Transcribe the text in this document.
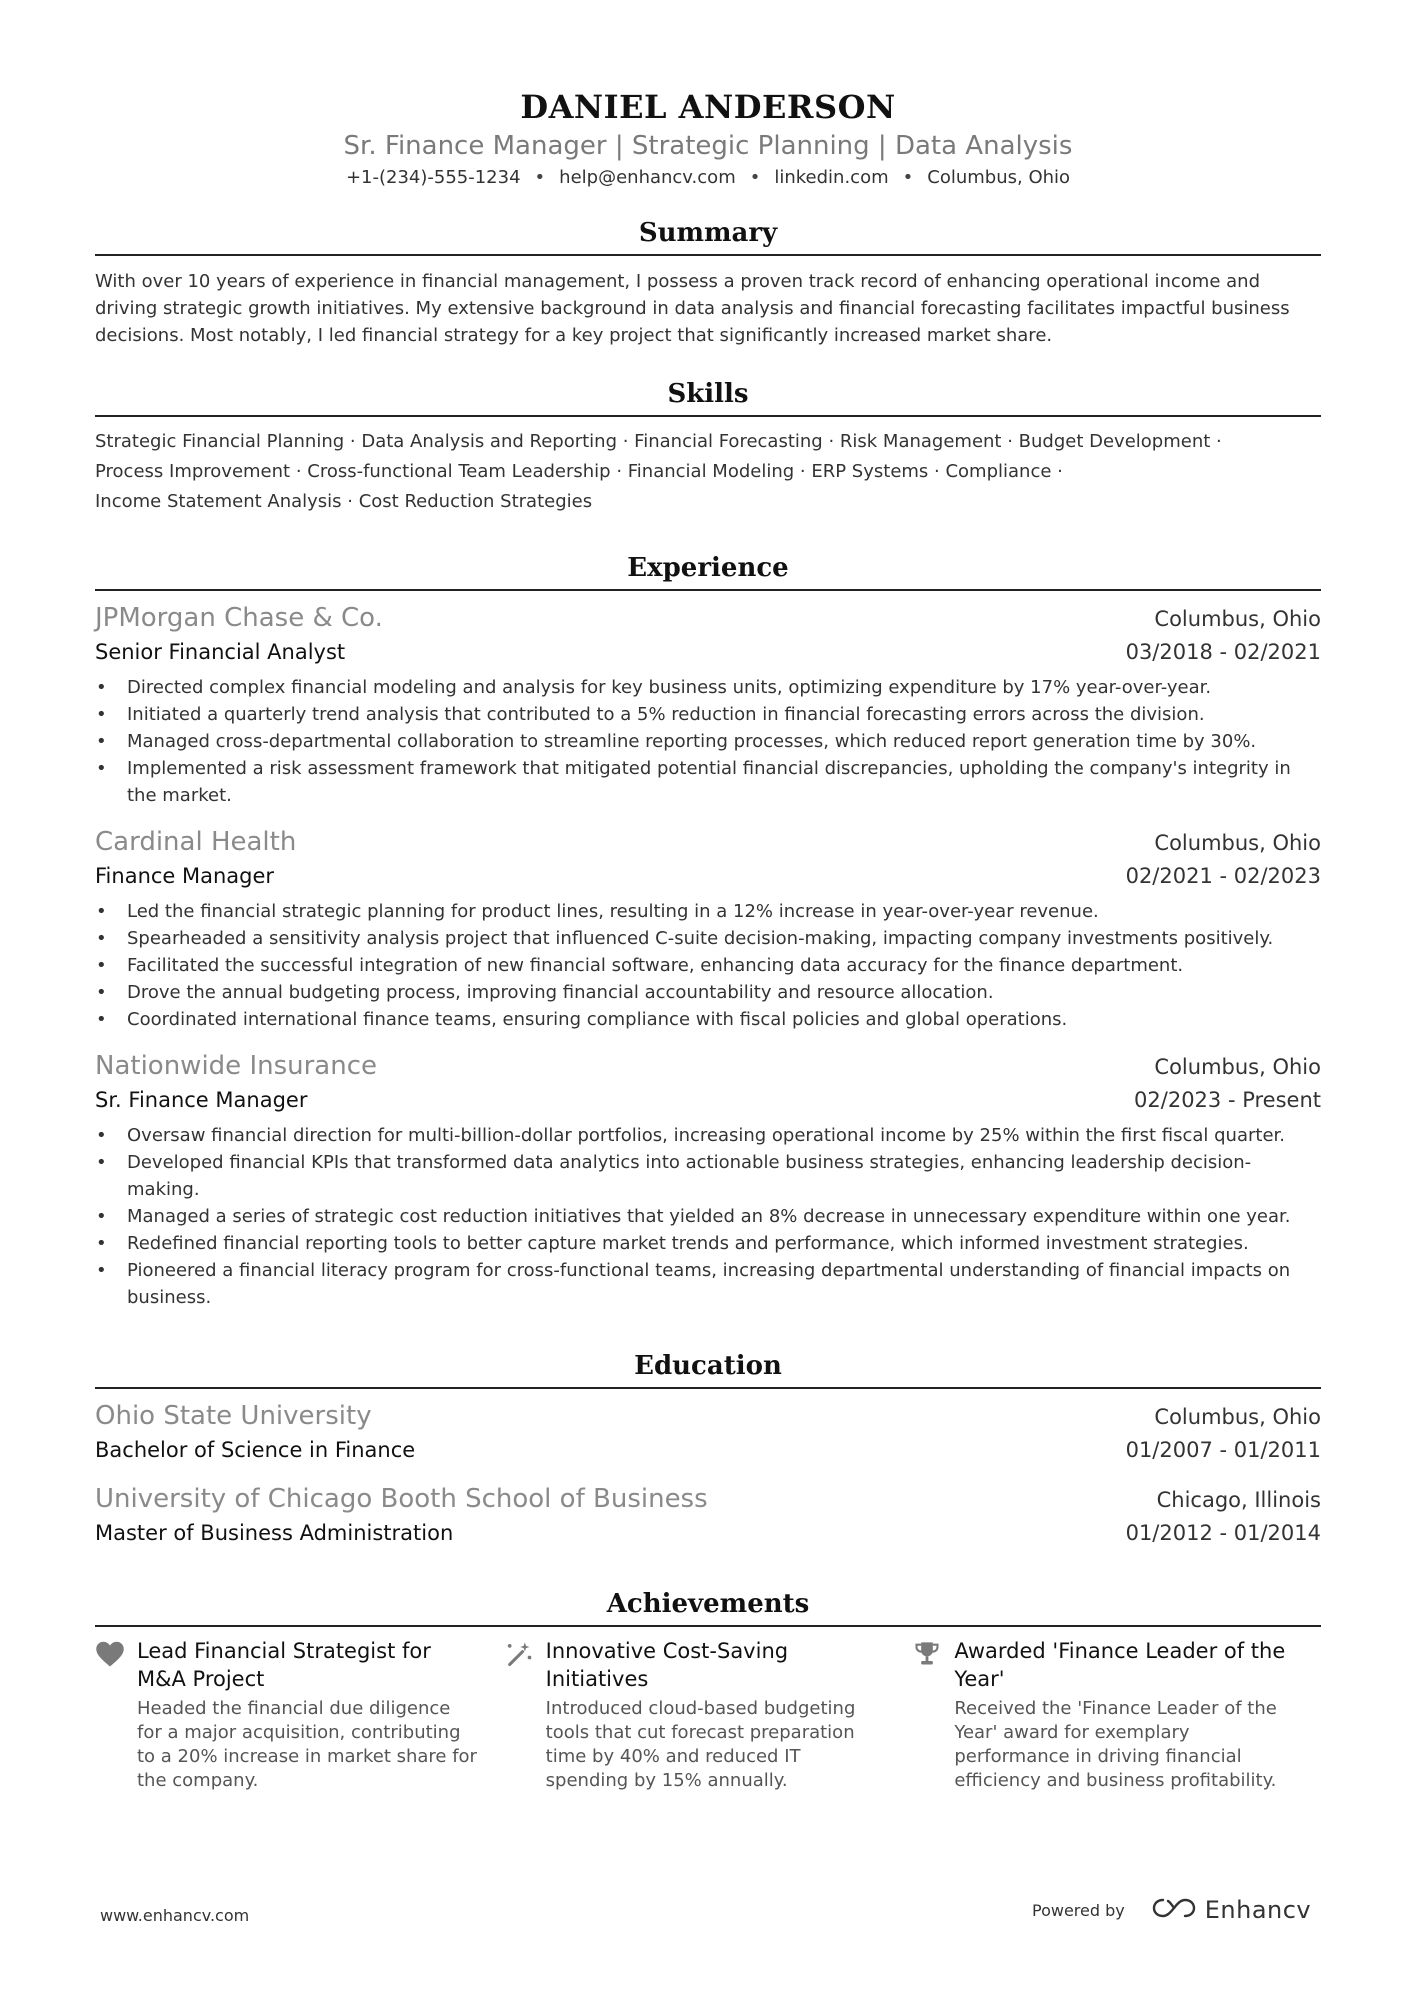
DANIEL ANDERSON
Sr. Finance Manager | Strategic Planning | Data Analysis
+1-(234)-555-1234 • help@enhancv.com • linkedin.com • Columbus, Ohio
Summary
With over 10 years of experience in financial management, I possess a proven track record of enhancing operational income and driving strategic growth initiatives. My extensive background in data analysis and financial forecasting facilitates impactful business decisions. Most notably, I led financial strategy for a key project that significantly increased market share.
Skills
Strategic Financial Planning · Data Analysis and Reporting · Financial Forecasting · Risk Management · Budget Development ·
Process Improvement · Cross-functional Team Leadership · Financial Modeling · ERP Systems · Compliance ·
Income Statement Analysis · Cost Reduction Strategies
Experience
JPMorgan Chase & Co.	Columbus, Ohio
Senior Financial Analyst	03/2018 - 02/2021
• Directed complex financial modeling and analysis for key business units, optimizing expenditure by 17% year-over-year.
• Initiated a quarterly trend analysis that contributed to a 5% reduction in financial forecasting errors across the division.
• Managed cross-departmental collaboration to streamline reporting processes, which reduced report generation time by 30%.
• Implemented a risk assessment framework that mitigated potential financial discrepancies, upholding the company's integrity in the market.
Cardinal Health	Columbus, Ohio
Finance Manager	02/2021 - 02/2023
• Led the financial strategic planning for product lines, resulting in a 12% increase in year-over-year revenue.
• Spearheaded a sensitivity analysis project that influenced C-suite decision-making, impacting company investments positively.
• Facilitated the successful integration of new financial software, enhancing data accuracy for the finance department.
• Drove the annual budgeting process, improving financial accountability and resource allocation.
• Coordinated international finance teams, ensuring compliance with fiscal policies and global operations.
Nationwide Insurance	Columbus, Ohio
Sr. Finance Manager	02/2023 - Present
• Oversaw financial direction for multi-billion-dollar portfolios, increasing operational income by 25% within the first fiscal quarter.
• Developed financial KPIs that transformed data analytics into actionable business strategies, enhancing leadership decision-making.
• Managed a series of strategic cost reduction initiatives that yielded an 8% decrease in unnecessary expenditure within one year.
• Redefined financial reporting tools to better capture market trends and performance, which informed investment strategies.
• Pioneered a financial literacy program for cross-functional teams, increasing departmental understanding of financial impacts on business.
Education
Ohio State University	Columbus, Ohio
Bachelor of Science in Finance	01/2007 - 01/2011
University of Chicago Booth School of Business	Chicago, Illinois
Master of Business Administration	01/2012 - 01/2014
Achievements
Lead Financial Strategist for M&A Project
Headed the financial due diligence for a major acquisition, contributing to a 20% increase in market share for the company.
Innovative Cost-Saving Initiatives
Introduced cloud-based budgeting tools that cut forecast preparation time by 40% and reduced IT spending by 15% annually.
Awarded 'Finance Leader of the Year'
Received the 'Finance Leader of the Year' award for exemplary performance in driving financial efficiency and business profitability.
www.enhancv.com	Powered by	Enhancv
